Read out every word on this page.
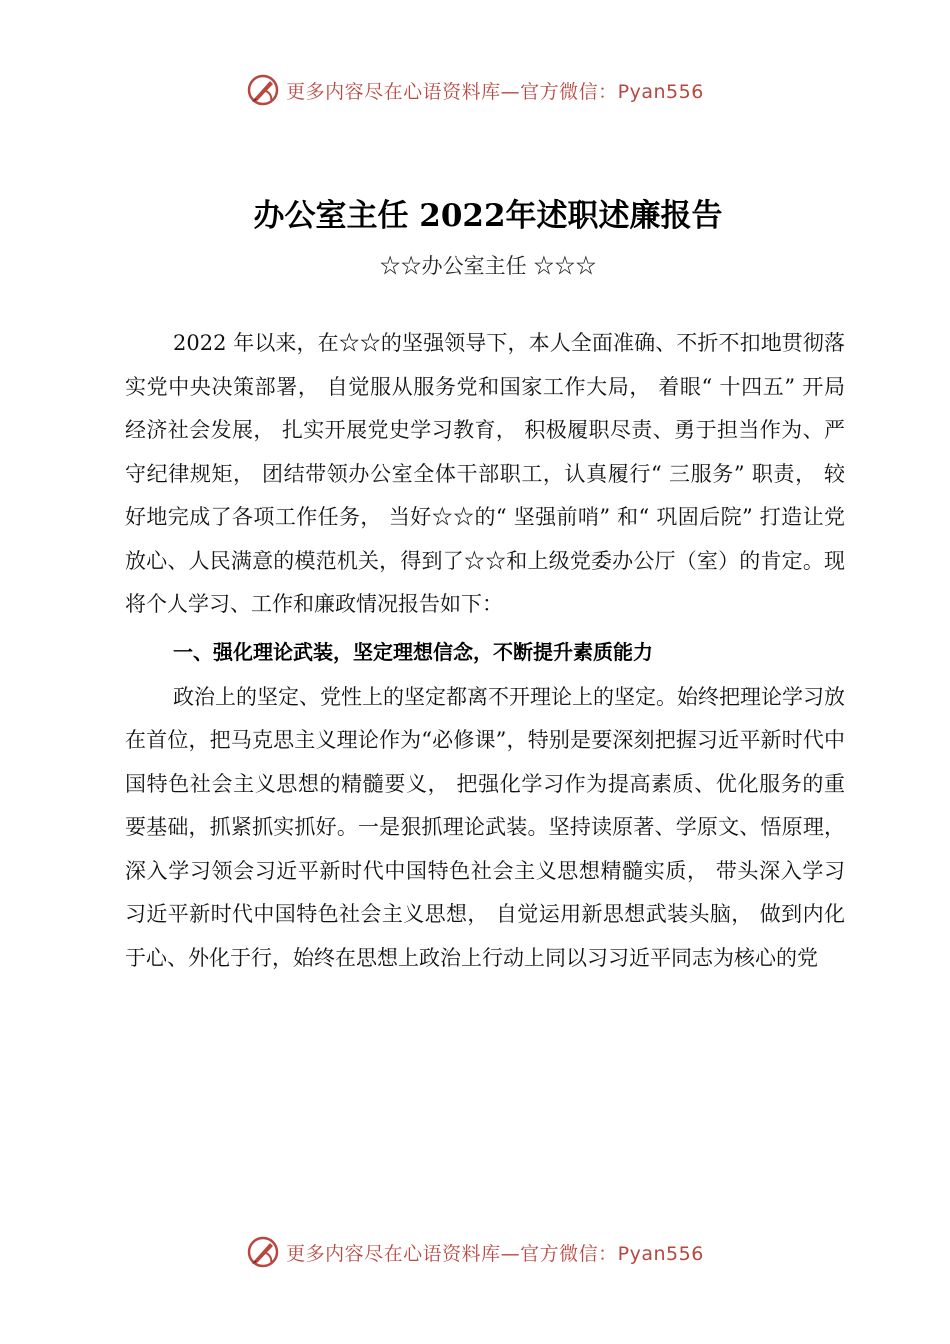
更多内容尽在心语资料库—官方微信：Pyan556
办公室主任 2022年述职述廉报告
☆☆办公室主任 ☆☆☆

2022 年以来，在☆☆的坚强领导下，本人全面准确、不折不扣地贯彻落实党中央决策部署， 自觉服从服务党和国家工作大局， 着眼“ 十四五” 开局经济社会发展， 扎实开展党史学习教育， 积极履职尽责、勇于担当作为、严守纪律规矩， 团结带领办公室全体干部职工，认真履行“ 三服务” 职责， 较好地完成了各项工作任务， 当好☆☆的“ 坚强前哨” 和“ 巩固后院” 打造让党放心、人民满意的模范机关，得到了☆☆和上级党委办公厅（室）的肯定。现将个人学习、工作和廉政情况报告如下：

一、强化理论武装，坚定理想信念，不断提升素质能力

政治上的坚定、党性上的坚定都离不开理论上的坚定。始终把理论学习放在首位，把马克思主义理论作为“必修课”，特别是要深刻把握习近平新时代中国特色社会主义思想的精髓要义， 把强化学习作为提高素质、优化服务的重要基础，抓紧抓实抓好。一是狠抓理论武装。坚持读原著、学原文、悟原理， 深入学习领会习近平新时代中国特色社会主义思想精髓实质， 带头深入学习习近平新时代中国特色社会主义思想， 自觉运用新思想武装头脑， 做到内化于心、外化于行，始终在思想上政治上行动上同以习习近平同志为核心的党

更多内容尽在心语资料库—官方微信：Pyan556
